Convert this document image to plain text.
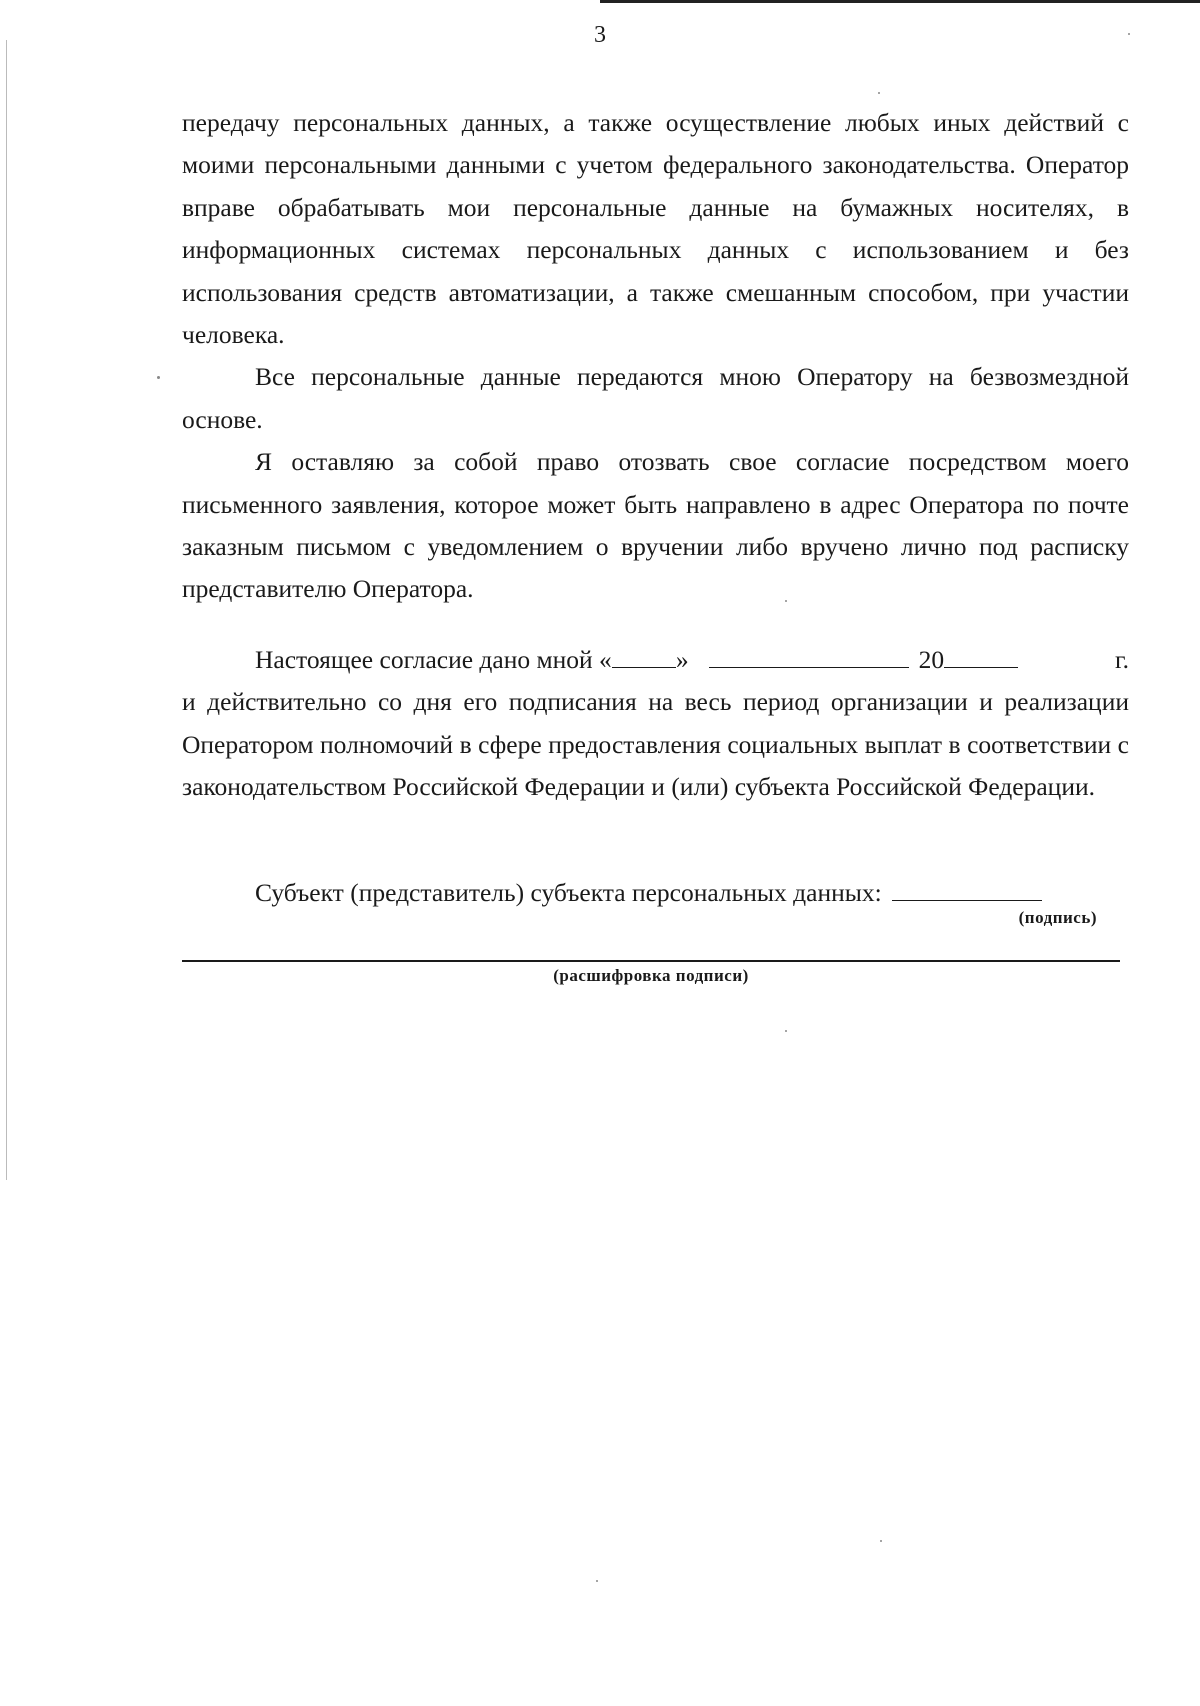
3

передачу персональных данных, а также осуществление любых иных действий с моими персональными данными с учетом федерального законодательства. Оператор вправе обрабатывать мои персональные данные на бумажных носителях, в информационных системах персональных данных с использованием и без использования средств автоматизации, а также смешанным способом, при участии человека.

Все персональные данные передаются мною Оператору на безвозмездной основе.

Я оставляю за собой право отозвать свое согласие посредством моего письменного заявления, которое может быть направлено в адрес Оператора по почте заказным письмом с уведомлением о вручении либо вручено лично под расписку представителю Оператора.

Настоящее согласие дано мной «	»	20	г.

и действительно со дня его подписания на весь период организации и реализации Оператором полномочий в сфере предоставления социальных выплат в соответствии с законодательством Российской Федерации и (или) субъекта Российской Федерации.

Субъект (представитель) субъекта персональных данных:
(подпись)
(расшифровка подписи)
